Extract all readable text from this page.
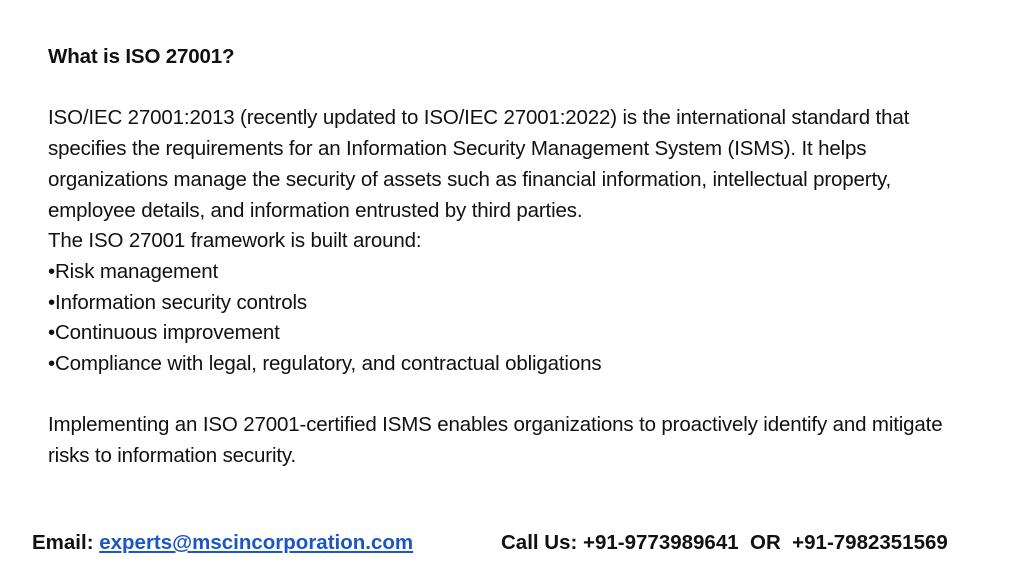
What is ISO 27001?

ISO/IEC 27001:2013 (recently updated to ISO/IEC 27001:2022) is the international standard that specifies the requirements for an Information Security Management System (ISMS). It helps organizations manage the security of assets such as financial information, intellectual property, employee details, and information entrusted by third parties.

The ISO 27001 framework is built around:

•Risk management
•Information security controls
•Continuous improvement
•Compliance with legal, regulatory, and contractual obligations

Implementing an ISO 27001-certified ISMS enables organizations to proactively identify and mitigate risks to information security.

Email: experts@mscincorporation.com	Call Us: +91-9773989641  OR  +91-7982351569
